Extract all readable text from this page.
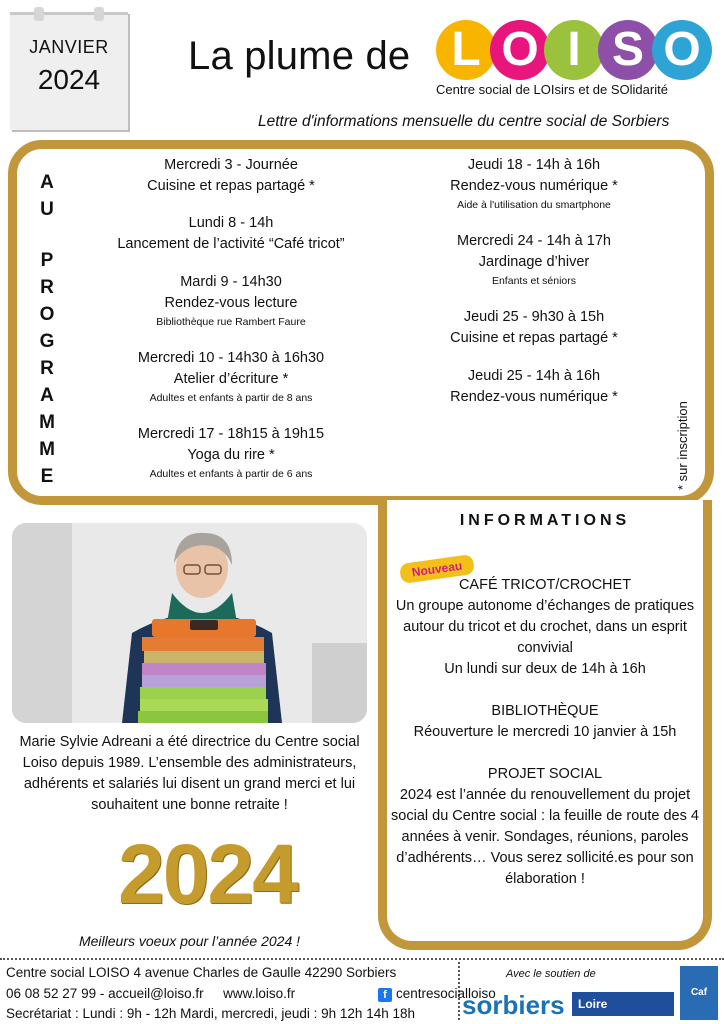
JANVIER
2024
La plume de L O I S O
Centre social de LOIsirs et de SOlidarité
Lettre d'informations mensuelle du centre social de Sorbiers
A
U
P
R
O
G
R
A
M
M
E
Mercredi 3 - Journée
Cuisine et repas partagé *
Lundi 8 - 14h
Lancement de l’activité “Café tricot”
Mardi 9 - 14h30
Rendez-vous lecture
Bibliothèque rue Rambert Faure
Mercredi 10 - 14h30 à 16h30
Atelier d’écriture *
Adultes et enfants à partir de 8 ans
Mercredi 17 - 18h15 à 19h15
Yoga du rire *
Adultes et enfants à partir de 6 ans
Jeudi 18 - 14h à 16h
Rendez-vous numérique *
Aide à l'utilisation du smartphone
Mercredi 24 - 14h à 17h
Jardinage d’hiver
Enfants et séniors
Jeudi 25 - 9h30 à 15h
Cuisine et repas partagé *
Jeudi 25 - 14h à 16h
Rendez-vous numérique *
* sur inscription
Marie Sylvie Adreani a été directrice du Centre social Loiso depuis 1989. L’ensemble des administrateurs, adhérents et salariés lui disent un grand merci et lui souhaitent une bonne retraite !
2024
Meilleurs voeux pour l’année 2024 !
INFORMATIONS
Nouveau
CAFÉ TRICOT/CROCHET
Un groupe autonome d’échanges de pratiques autour du tricot et du crochet, dans un esprit convivial
Un lundi sur deux de 14h à 16h
BIBLIOTHÈQUE
Réouverture le mercredi 10 janvier à 15h
PROJET SOCIAL
2024 est l’année du renouvellement du projet social du Centre social : la feuille de route des 4 années à venir. Sondages, réunions, paroles d’adhérents… Vous serez sollicité.es pour son élaboration !
Centre social LOISO 4 avenue Charles de Gaulle 42290 Sorbiers
06 08 52 27 99 - accueil@loiso.fr www.loiso.fr	f centresocialloiso
Secrétariat : Lundi : 9h - 12h Mardi, mercredi, jeudi : 9h 12h 14h 18h
Avec le soutien de
sorbiers	Loire
Caf
